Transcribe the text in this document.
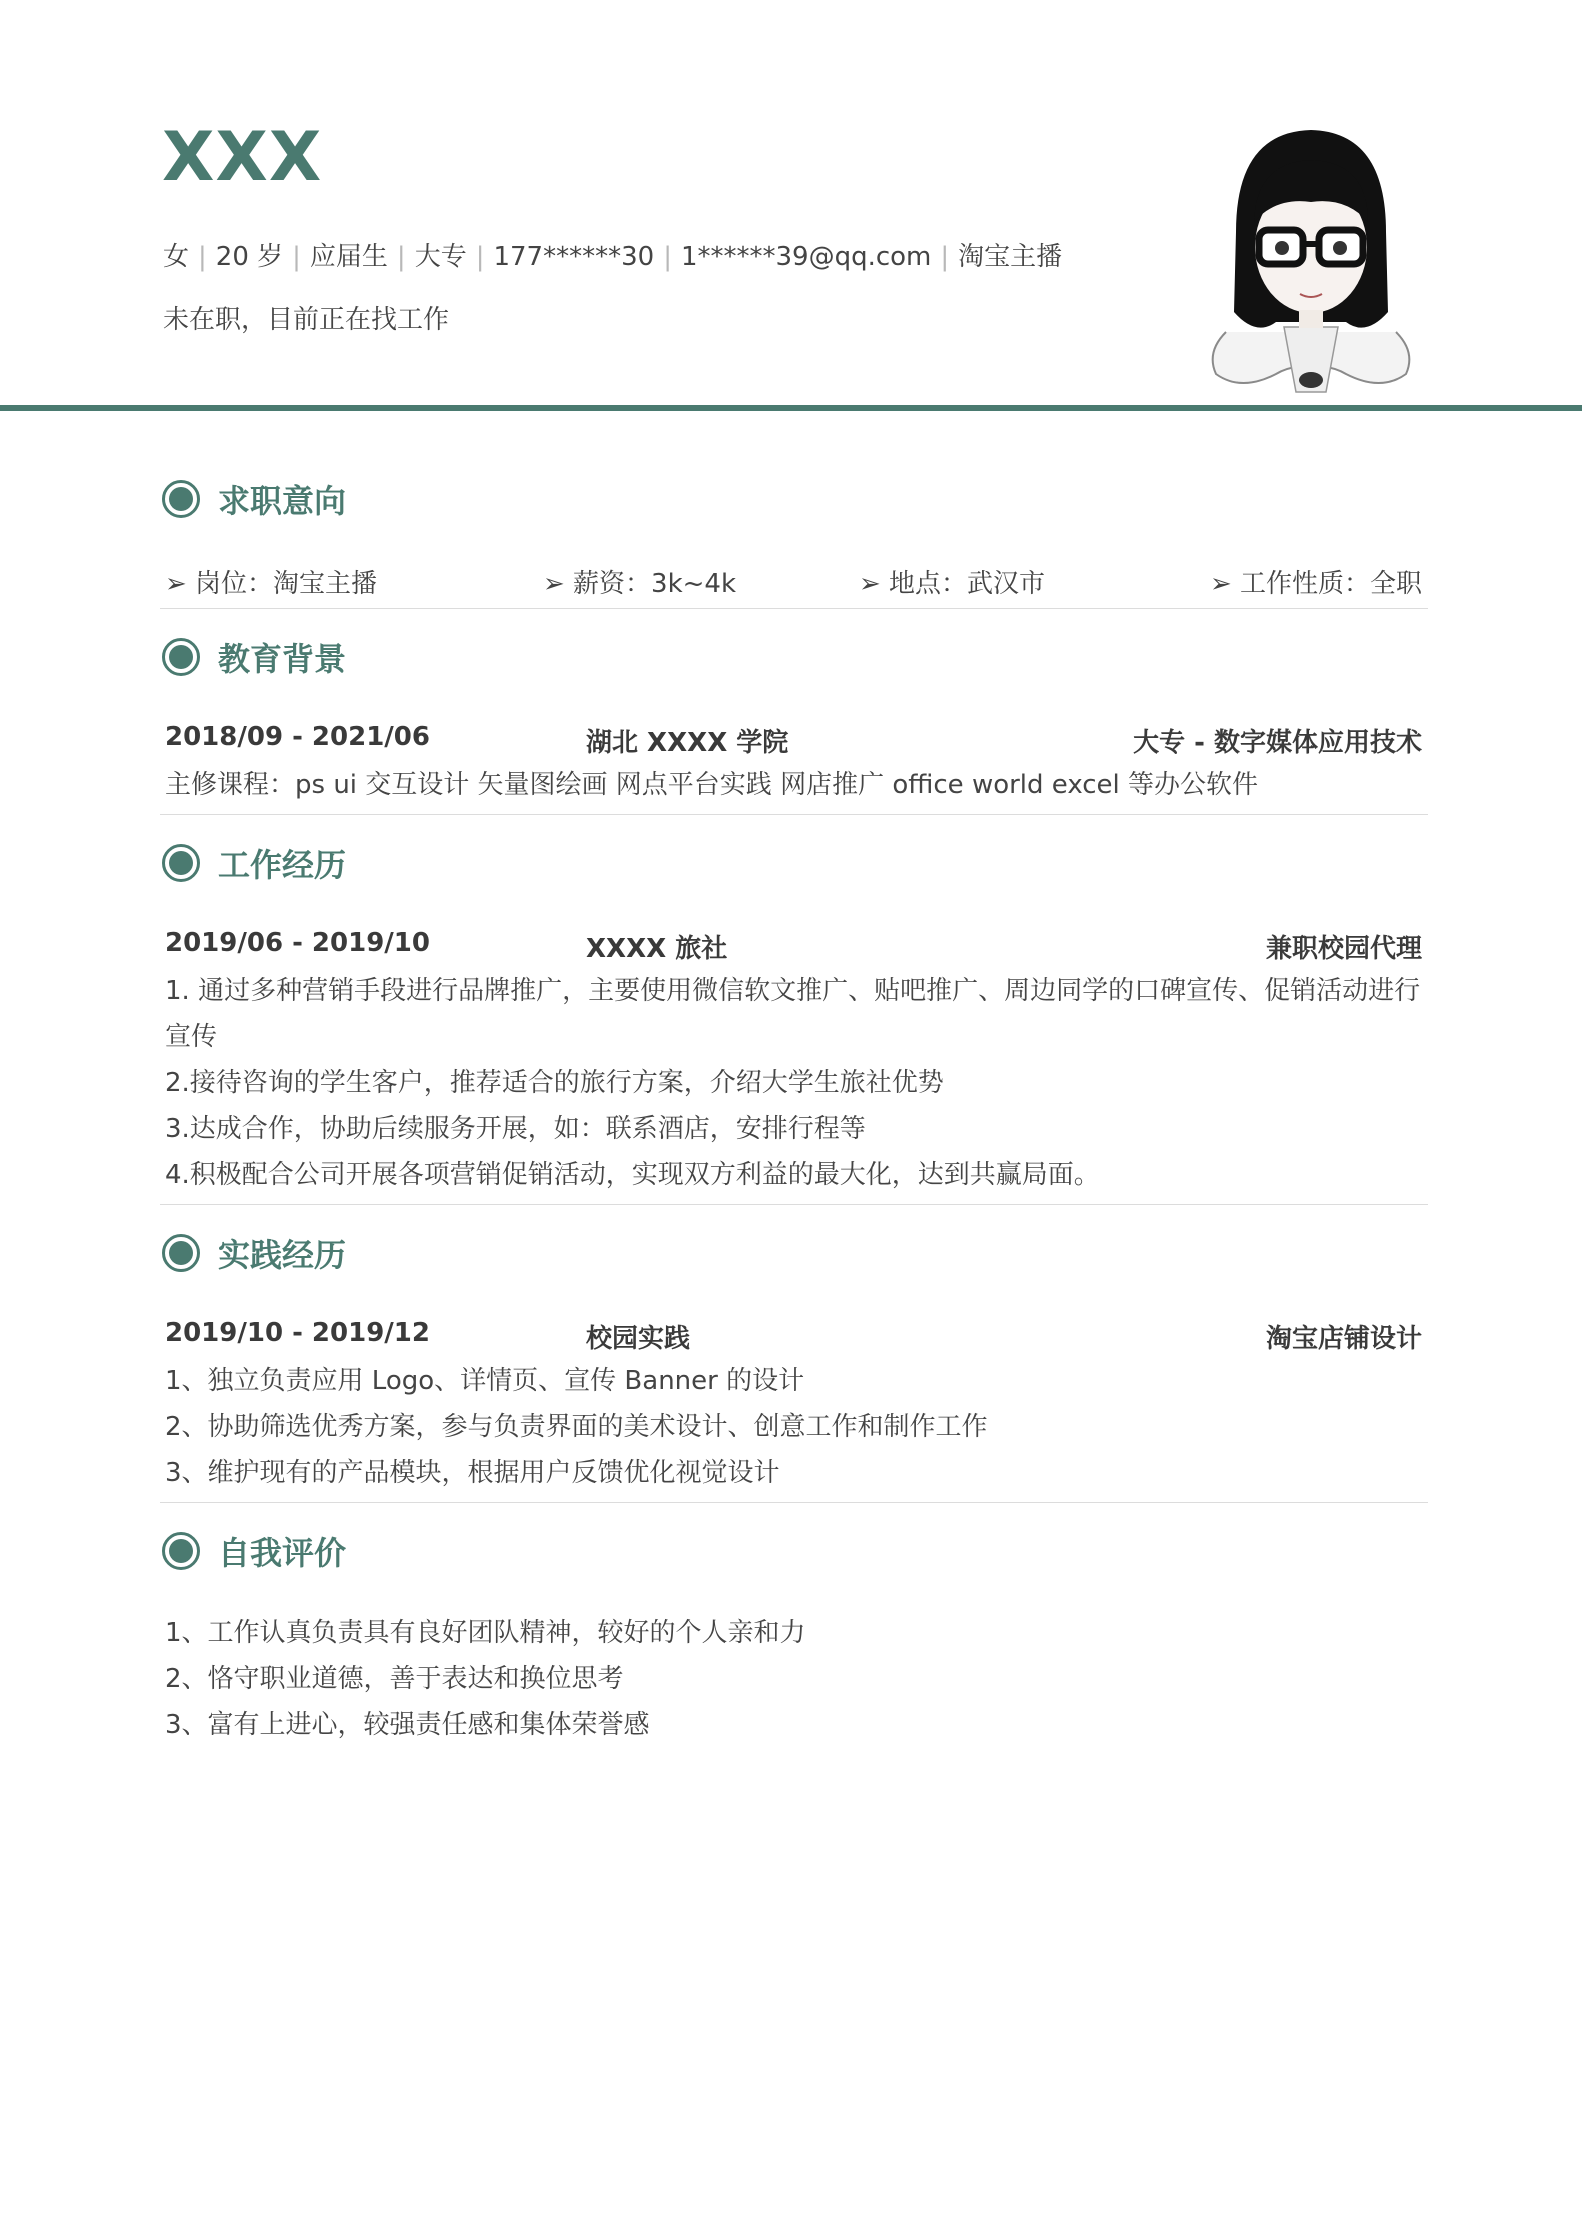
XXX
女 | 20 岁 | 应届生 | 大专 | 177******30 | 1******39@qq.com | 淘宝主播
未在职，目前正在找工作
求职意向
➢ 岗位：淘宝主播	➢ 薪资：3k~4k	➢ 地点：武汉市	➢ 工作性质：全职
教育背景
2018/09 - 2021/06	湖北 XXXX 学院	大专 - 数字媒体应用技术
主修课程：ps ui 交互设计 矢量图绘画 网点平台实践 网店推广 office world excel 等办公软件
工作经历
2019/06 - 2019/10	XXXX 旅社	兼职校园代理
1. 通过多种营销手段进行品牌推广，主要使用微信软文推广、贴吧推广、周边同学的口碑宣传、促销活动进行宣传
2.接待咨询的学生客户，推荐适合的旅行方案，介绍大学生旅社优势
3.达成合作，协助后续服务开展，如：联系酒店，安排行程等
4.积极配合公司开展各项营销促销活动，实现双方利益的最大化，达到共赢局面。
实践经历
2019/10 - 2019/12	校园实践	淘宝店铺设计
1、独立负责应用 Logo、详情页、宣传 Banner 的设计
2、协助筛选优秀方案，参与负责界面的美术设计、创意工作和制作工作
3、维护现有的产品模块，根据用户反馈优化视觉设计
自我评价
1、工作认真负责具有良好团队精神，较好的个人亲和力
2、恪守职业道德，善于表达和换位思考
3、富有上进心，较强责任感和集体荣誉感
